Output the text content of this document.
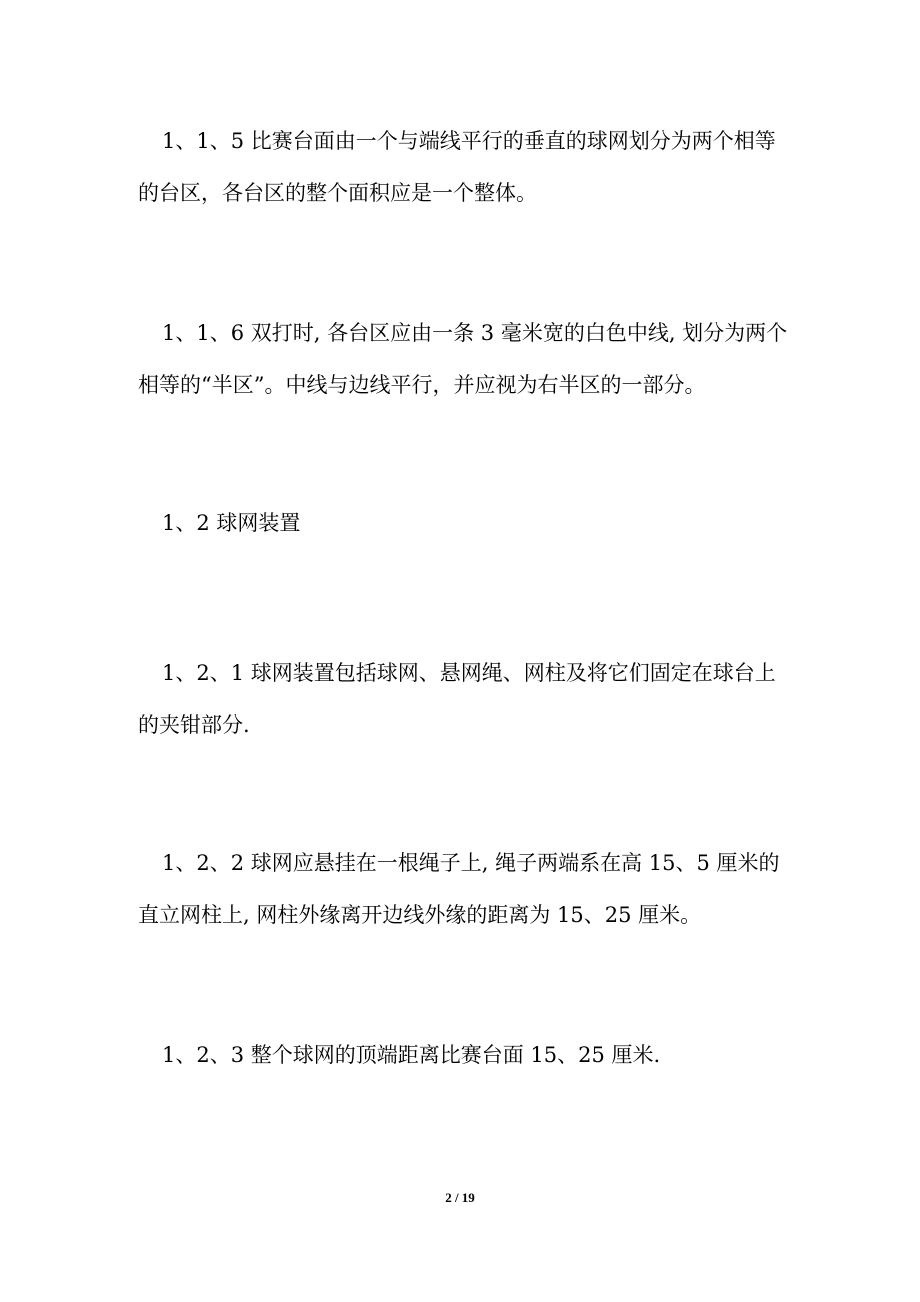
1、1、5 比赛台面由一个与端线平行的垂直的球网划分为两个相等的台区，各台区的整个面积应是一个整体。

1、1、6 双打时, 各台区应由一条 3 毫米宽的白色中线, 划分为两个相等的“半区”。中线与边线平行，并应视为右半区的一部分。

1、2 球网装置

1、2、1 球网装置包括球网、悬网绳、网柱及将它们固定在球台上的夹钳部分.

1、2、2 球网应悬挂在一根绳子上, 绳子两端系在高 15、5 厘米的直立网柱上, 网柱外缘离开边线外缘的距离为 15、25 厘米。

1、2、3 整个球网的顶端距离比赛台面 15、25 厘米.

2 / 19
